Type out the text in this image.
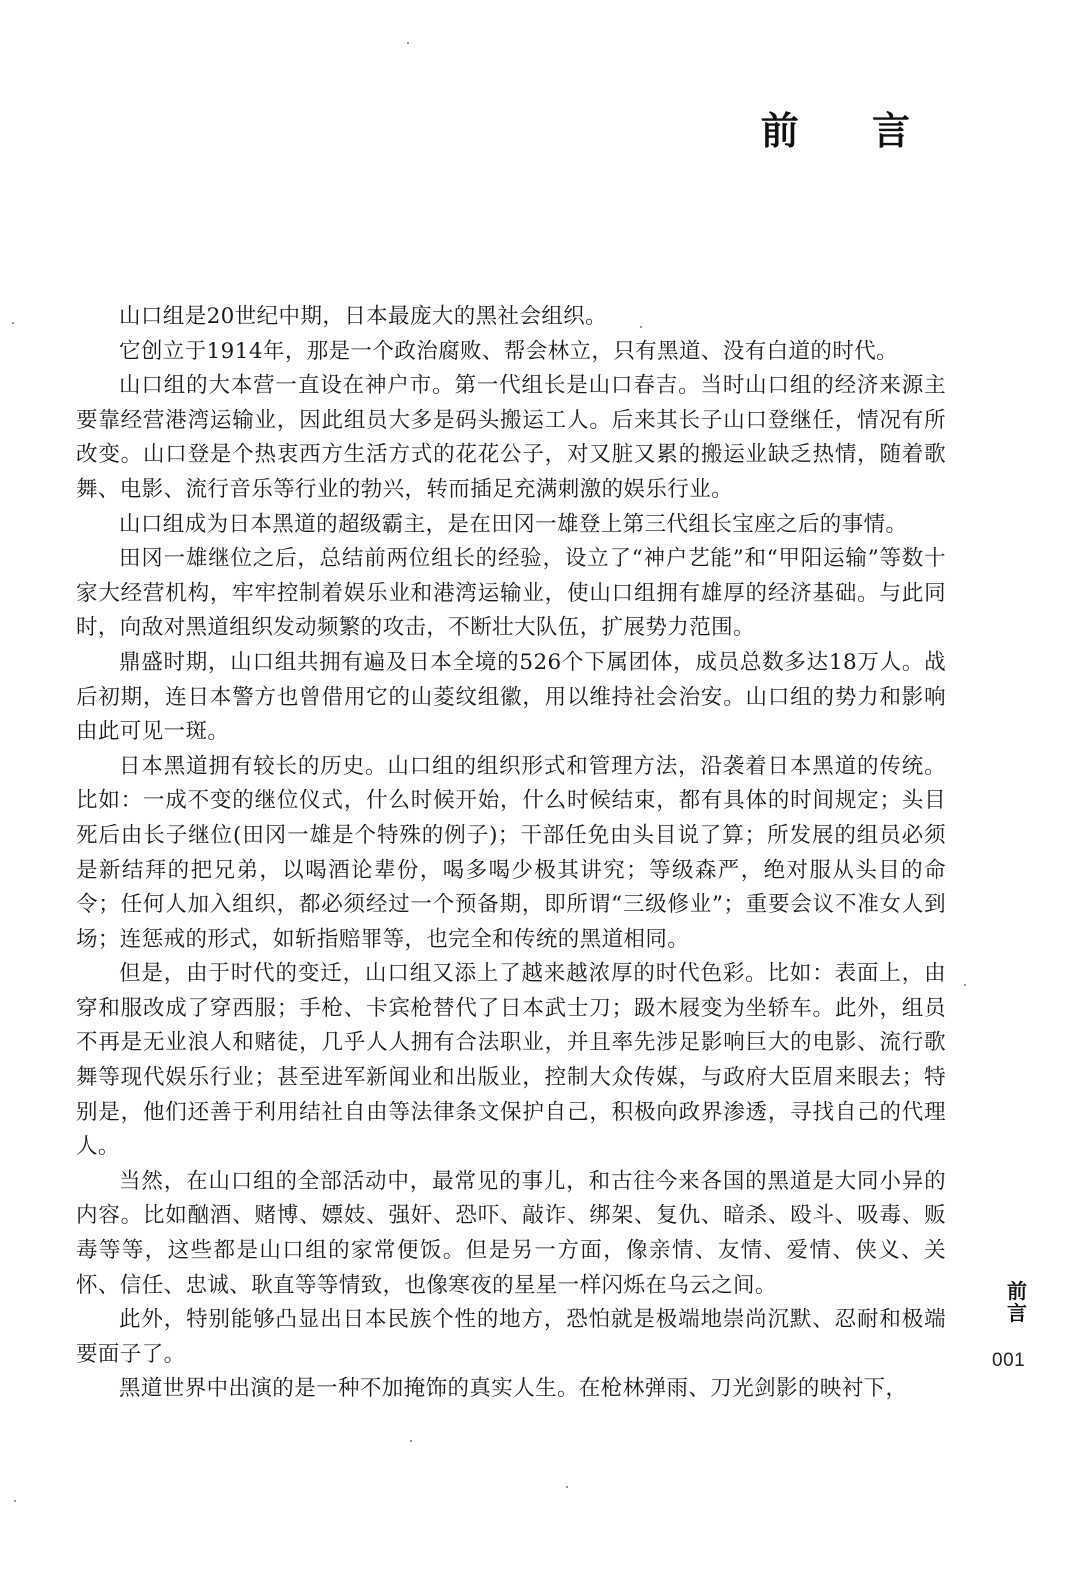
前 言

山口组是20世纪中期，日本最庞大的黑社会组织。

它创立于1914年，那是一个政治腐败、帮会林立，只有黑道、没有白道的时代。

山口组的大本营一直设在神户市。第一代组长是山口春吉。当时山口组的经济来源主要靠经营港湾运输业，因此组员大多是码头搬运工人。后来其长子山口登继任，情况有所改变。山口登是个热衷西方生活方式的花花公子，对又脏又累的搬运业缺乏热情，随着歌舞、电影、流行音乐等行业的勃兴，转而插足充满刺激的娱乐行业。

山口组成为日本黑道的超级霸主，是在田冈一雄登上第三代组长宝座之后的事情。

田冈一雄继位之后，总结前两位组长的经验，设立了“神户艺能”和“甲阳运输”等数十家大经营机构，牢牢控制着娱乐业和港湾运输业，使山口组拥有雄厚的经济基础。与此同时，向敌对黑道组织发动频繁的攻击，不断壮大队伍，扩展势力范围。

鼎盛时期，山口组共拥有遍及日本全境的526个下属团体，成员总数多达18万人。战后初期，连日本警方也曾借用它的山菱纹组徽，用以维持社会治安。山口组的势力和影响由此可见一斑。

日本黑道拥有较长的历史。山口组的组织形式和管理方法，沿袭着日本黑道的传统。比如：一成不变的继位仪式，什么时候开始，什么时候结束，都有具体的时间规定；头目死后由长子继位(田冈一雄是个特殊的例子)；干部任免由头目说了算；所发展的组员必须是新结拜的把兄弟，以喝酒论辈份，喝多喝少极其讲究；等级森严，绝对服从头目的命令；任何人加入组织，都必须经过一个预备期，即所谓“三级修业”；重要会议不准女人到场；连惩戒的形式，如斩指赔罪等，也完全和传统的黑道相同。

但是，由于时代的变迁，山口组又添上了越来越浓厚的时代色彩。比如：表面上，由穿和服改成了穿西服；手枪、卡宾枪替代了日本武士刀；趿木屐变为坐轿车。此外，组员不再是无业浪人和赌徒，几乎人人拥有合法职业，并且率先涉足影响巨大的电影、流行歌舞等现代娱乐行业；甚至进军新闻业和出版业，控制大众传媒，与政府大臣眉来眼去；特别是，他们还善于利用结社自由等法律条文保护自己，积极向政界渗透，寻找自己的代理人。

当然，在山口组的全部活动中，最常见的事儿，和古往今来各国的黑道是大同小异的内容。比如酗酒、赌博、嫖妓、强奸、恐吓、敲诈、绑架、复仇、暗杀、殴斗、吸毒、贩毒等等，这些都是山口组的家常便饭。但是另一方面，像亲情、友情、爱情、侠义、关怀、信任、忠诚、耿直等等情致，也像寒夜的星星一样闪烁在乌云之间。

此外，特别能够凸显出日本民族个性的地方，恐怕就是极端地崇尚沉默、忍耐和极端要面子了。

黑道世界中出演的是一种不加掩饰的真实人生。在枪林弹雨、刀光剑影的映衬下，

前
言
001
